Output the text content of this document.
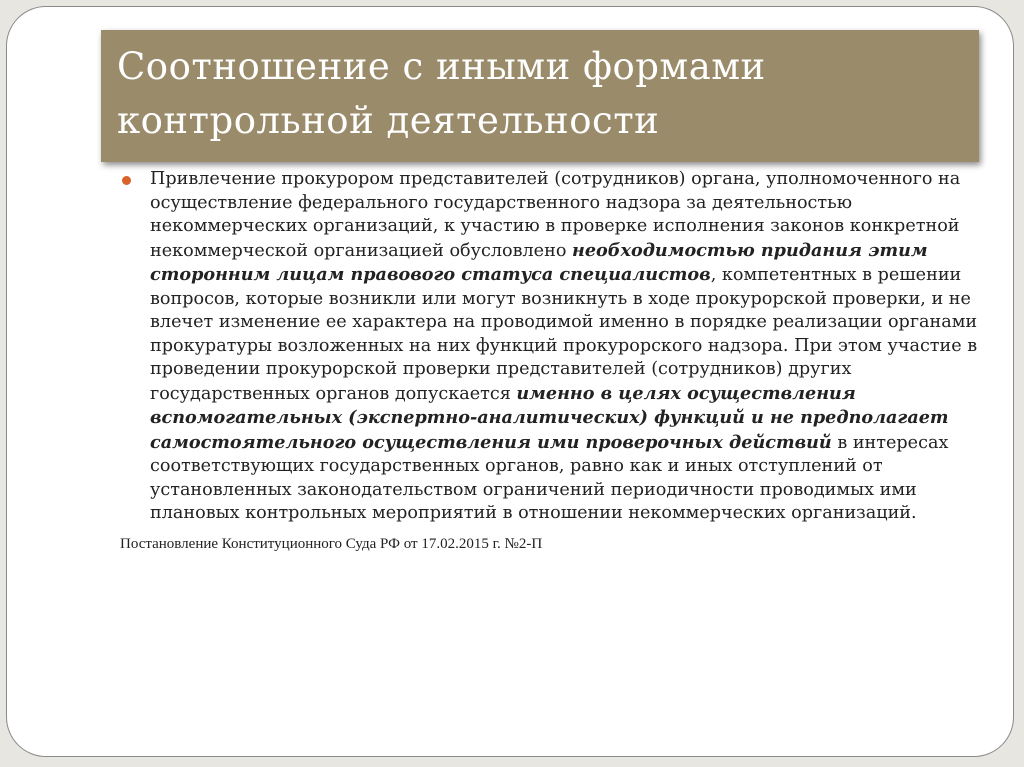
Соотношение с иными формами
контрольной деятельности

Привлечение прокурором представителей (сотрудников) органа, уполномоченного на осуществление федерального государственного надзора за деятельностью некоммерческих организаций, к участию в проверке исполнения законов конкретной некоммерческой организацией обусловлено необходимостью придания этим сторонним лицам правового статуса специалистов, компетентных в решении вопросов, которые возникли или могут возникнуть в ходе прокурорской проверки, и не влечет изменение ее характера на проводимой именно в порядке реализации органами прокуратуры возложенных на них функций прокурорского надзора. При этом участие в проведении прокурорской проверки представителей (сотрудников) других государственных органов допускается именно в целях осуществления вспомогательных (экспертно-аналитических) функций и не предполагает самостоятельного осуществления ими проверочных действий в интересах соответствующих государственных органов, равно как и иных отступлений от установленных законодательством ограничений периодичности проводимых ими плановых контрольных мероприятий в отношении некоммерческих организаций.

Постановление Конституционного Суда РФ от 17.02.2015 г. №2-П
